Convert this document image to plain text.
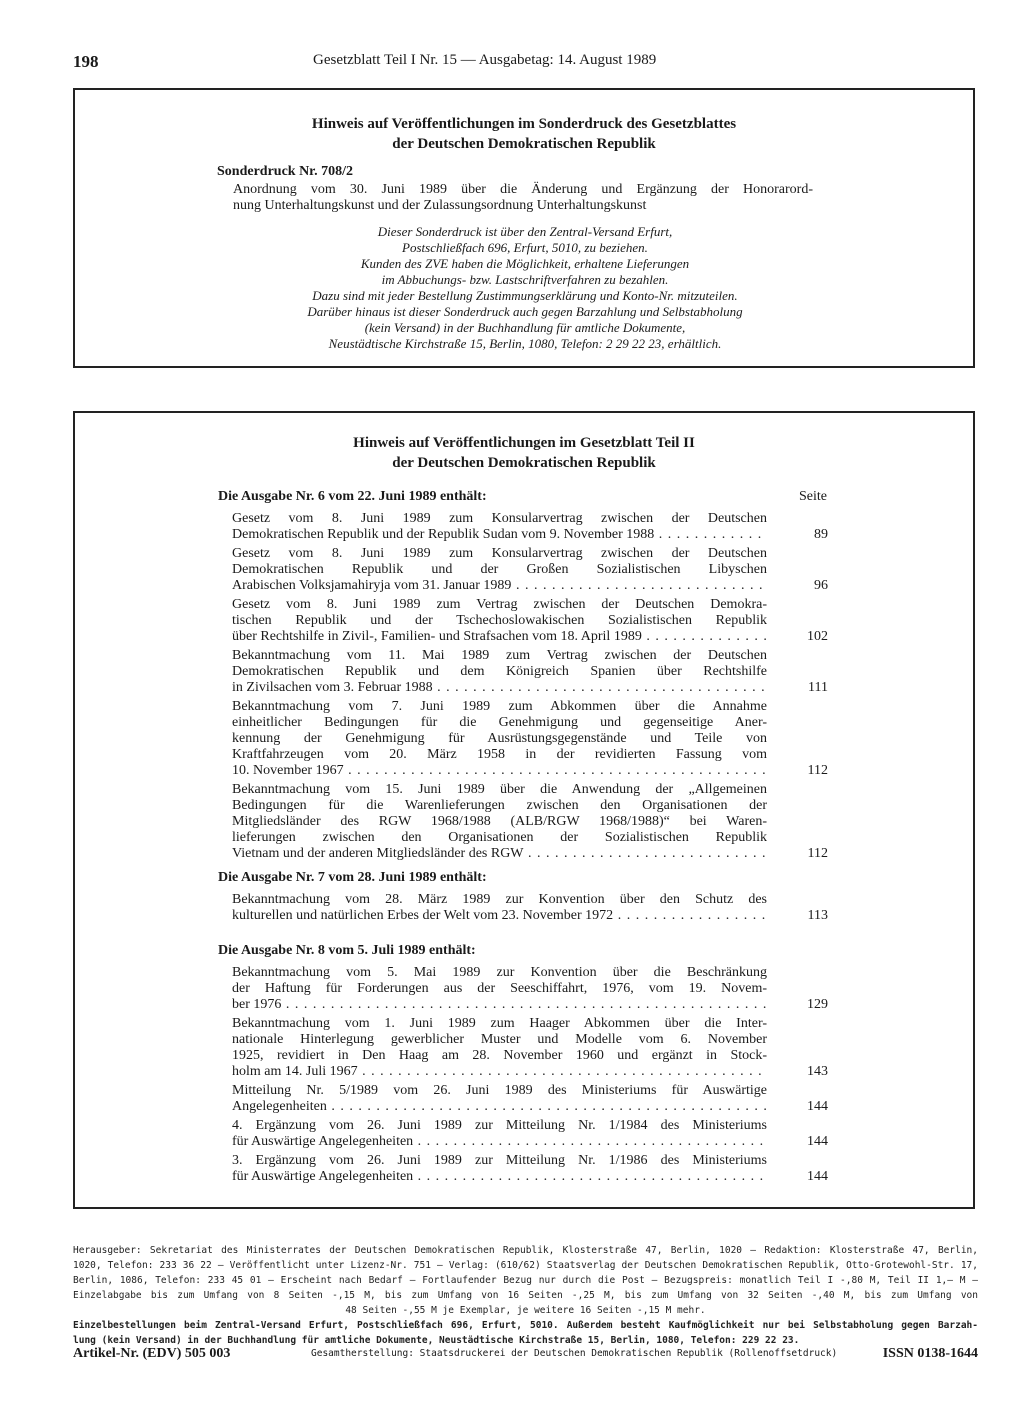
198	Gesetzblatt Teil I Nr. 15 — Ausgabetag: 14. August 1989
Hinweis auf Veröffentlichungen im Sonderdruck des Gesetzblattes
der Deutschen Demokratischen Republik
Sonderdruck Nr. 708/2
Anordnung vom 30. Juni 1989 über die Änderung und Ergänzung der Honorarord-
nung Unterhaltungskunst und der Zulassungsordnung Unterhaltungskunst
Dieser Sonderdruck ist über den Zentral-Versand Erfurt,
Postschließfach 696, Erfurt, 5010, zu beziehen.
Kunden des ZVE haben die Möglichkeit, erhaltene Lieferungen
im Abbuchungs- bzw. Lastschriftverfahren zu bezahlen.
Dazu sind mit jeder Bestellung Zustimmungserklärung und Konto-Nr. mitzuteilen.
Darüber hinaus ist dieser Sonderdruck auch gegen Barzahlung und Selbstabholung
(kein Versand) in der Buchhandlung für amtliche Dokumente,
Neustädtische Kirchstraße 15, Berlin, 1080, Telefon: 2 29 22 23, erhältlich.
Hinweis auf Veröffentlichungen im Gesetzblatt Teil II
der Deutschen Demokratischen Republik
Seite
Die Ausgabe Nr. 6 vom 22. Juni 1989 enthält:
Gesetz vom 8. Juni 1989 zum Konsularvertrag zwischen der Deutschen
Demokratischen Republik und der Republik Sudan vom 9. November 1988 . . .	89
Gesetz vom 8. Juni 1989 zum Konsularvertrag zwischen der Deutschen
Demokratischen Republik und der Großen Sozialistischen Libyschen
Arabischen Volksjamahiryja vom 31. Januar 1989 . . .	96
Gesetz vom 8. Juni 1989 zum Vertrag zwischen der Deutschen Demokra-
tischen Republik und der Tschechoslowakischen Sozialistischen Republik
über Rechtshilfe in Zivil-, Familien- und Strafsachen vom 18. April 1989 . . .	102
Bekanntmachung vom 11. Mai 1989 zum Vertrag zwischen der Deutschen
Demokratischen Republik und dem Königreich Spanien über Rechtshilfe
in Zivilsachen vom 3. Februar 1988 . . .	111
Bekanntmachung vom 7. Juni 1989 zum Abkommen über die Annahme
einheitlicher Bedingungen für die Genehmigung und gegenseitige Aner-
kennung der Genehmigung für Ausrüstungsgegenstände und Teile von
Kraftfahrzeugen vom 20. März 1958 in der revidierten Fassung vom
10. November 1967 . . .	112
Bekanntmachung vom 15. Juni 1989 über die Anwendung der „Allgemeinen
Bedingungen für die Warenlieferungen zwischen den Organisationen der
Mitgliedsländer des RGW 1968/1988 (ALB/RGW 1968/1988)“ bei Waren-
lieferungen zwischen den Organisationen der Sozialistischen Republik
Vietnam und der anderen Mitgliedsländer des RGW . . .	112
Die Ausgabe Nr. 7 vom 28. Juni 1989 enthält:
Bekanntmachung vom 28. März 1989 zur Konvention über den Schutz des
kulturellen und natürlichen Erbes der Welt vom 23. November 1972 . . .	113
Die Ausgabe Nr. 8 vom 5. Juli 1989 enthält:
Bekanntmachung vom 5. Mai 1989 zur Konvention über die Beschränkung
der Haftung für Forderungen aus der Seeschiffahrt, 1976, vom 19. Novem-
ber 1976 . . .	129
Bekanntmachung vom 1. Juni 1989 zum Haager Abkommen über die Inter-
nationale Hinterlegung gewerblicher Muster und Modelle vom 6. November
1925, revidiert in Den Haag am 28. November 1960 und ergänzt in Stock-
holm am 14. Juli 1967 . . .	143
Mitteilung Nr. 5/1989 vom 26. Juni 1989 des Ministeriums für Auswärtige
Angelegenheiten . . .	144
4. Ergänzung vom 26. Juni 1989 zur Mitteilung Nr. 1/1984 des Ministeriums
für Auswärtige Angelegenheiten . . .	144
3. Ergänzung vom 26. Juni 1989 zur Mitteilung Nr. 1/1986 des Ministeriums
für Auswärtige Angelegenheiten . . .	144
Herausgeber: Sekretariat des Ministerrates der Deutschen Demokratischen Republik, Klosterstraße 47, Berlin, 1020 — Redaktion: Klosterstraße 47, Berlin,
1020, Telefon: 233 36 22 — Veröffentlicht unter Lizenz-Nr. 751 — Verlag: (610/62) Staatsverlag der Deutschen Demokratischen Republik, Otto-Grotewohl-Str. 17,
Berlin, 1086, Telefon: 233 45 01 — Erscheint nach Bedarf — Fortlaufender Bezug nur durch die Post — Bezugspreis: monatlich Teil I -,80 M, Teil II 1,— M —
Einzelabgabe bis zum Umfang von 8 Seiten -,15 M, bis zum Umfang von 16 Seiten -,25 M, bis zum Umfang von 32 Seiten -,40 M, bis zum Umfang von
48 Seiten -,55 M je Exemplar, je weitere 16 Seiten -,15 M mehr.
Einzelbestellungen beim Zentral-Versand Erfurt, Postschließfach 696, Erfurt, 5010. Außerdem besteht Kaufmöglichkeit nur bei Selbstabholung gegen Barzah-
lung (kein Versand) in der Buchhandlung für amtliche Dokumente, Neustädtische Kirchstraße 15, Berlin, 1080, Telefon: 229 22 23.
Artikel-Nr. (EDV) 505 003	Gesamtherstellung: Staatsdruckerei der Deutschen Demokratischen Republik (Rollenoffsetdruck)	ISSN 0138-1644
